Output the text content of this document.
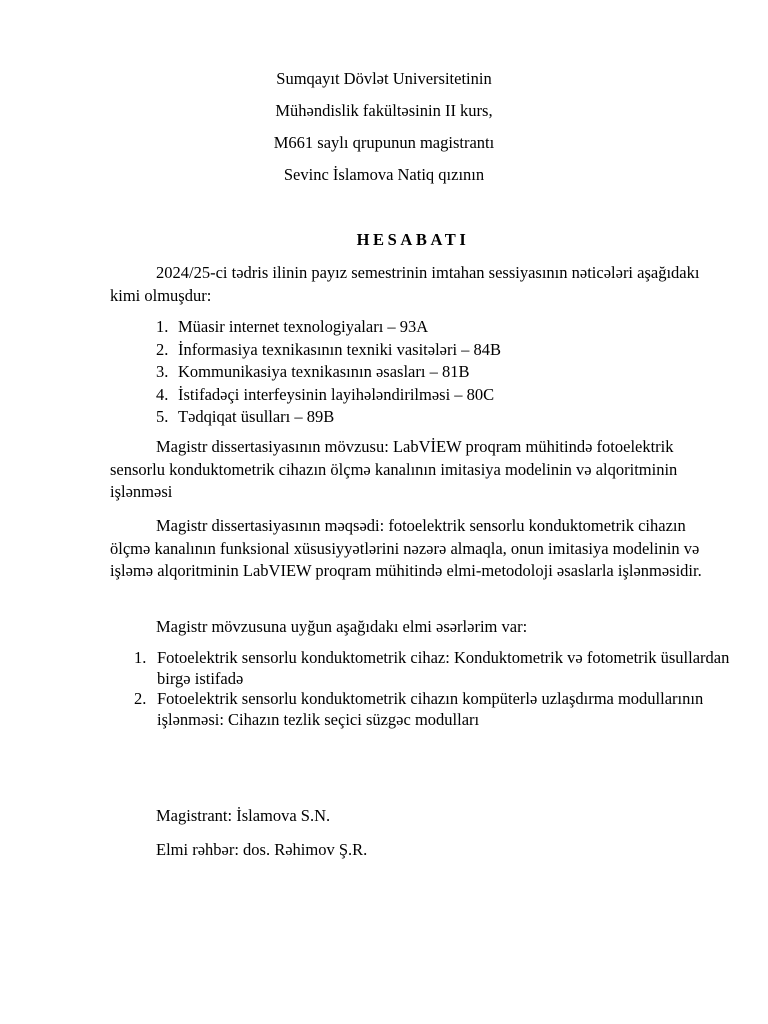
Sumqayıt Dövlət Universitetinin

Mühəndislik fakültəsinin II kurs,

M661 saylı qrupunun magistrantı

Sevinc İslamova Natiq qızının

HESABATI

2024/25-ci tədris ilinin payız semestrinin imtahan sessiyasının nəticələri aşağıdakı kimi olmuşdur:

1. Müasir internet texnologiyaları – 93A
2. İnformasiya texnikasının texniki vasitələri – 84B
3. Kommunikasiya texnikasının əsasları – 81B
4. İstifadəçi interfeysinin layihələndirilməsi – 80C
5. Tədqiqat üsulları – 89B

Magistr dissertasiyasının mövzusu: LabVİEW proqram mühitində fotoelektrik sensorlu konduktometrik cihazın ölçmə kanalının imitasiya modelinin və alqoritminin işlənməsi

Magistr dissertasiyasının məqsədi: fotoelektrik sensorlu konduktometrik cihazın ölçmə kanalının funksional xüsusiyyətlərini nəzərə almaqla, onun imitasiya modelinin və işləmə alqoritminin LabVIEW proqram mühitində elmi-metodoloji əsaslarla işlənməsidir.

Magistr mövzusuna uyğun aşağıdakı elmi əsərlərim var:

1. Fotoelektrik sensorlu konduktometrik cihaz: Konduktometrik və fotometrik üsullardan birgə istifadə
2. Fotoelektrik sensorlu konduktometrik cihazın kompüterlə uzlaşdırma modullarının işlənməsi: Cihazın tezlik seçici süzgəc modulları

Magistrant: İslamova S.N.

Elmi rəhbər: dos. Rəhimov Ş.R.
